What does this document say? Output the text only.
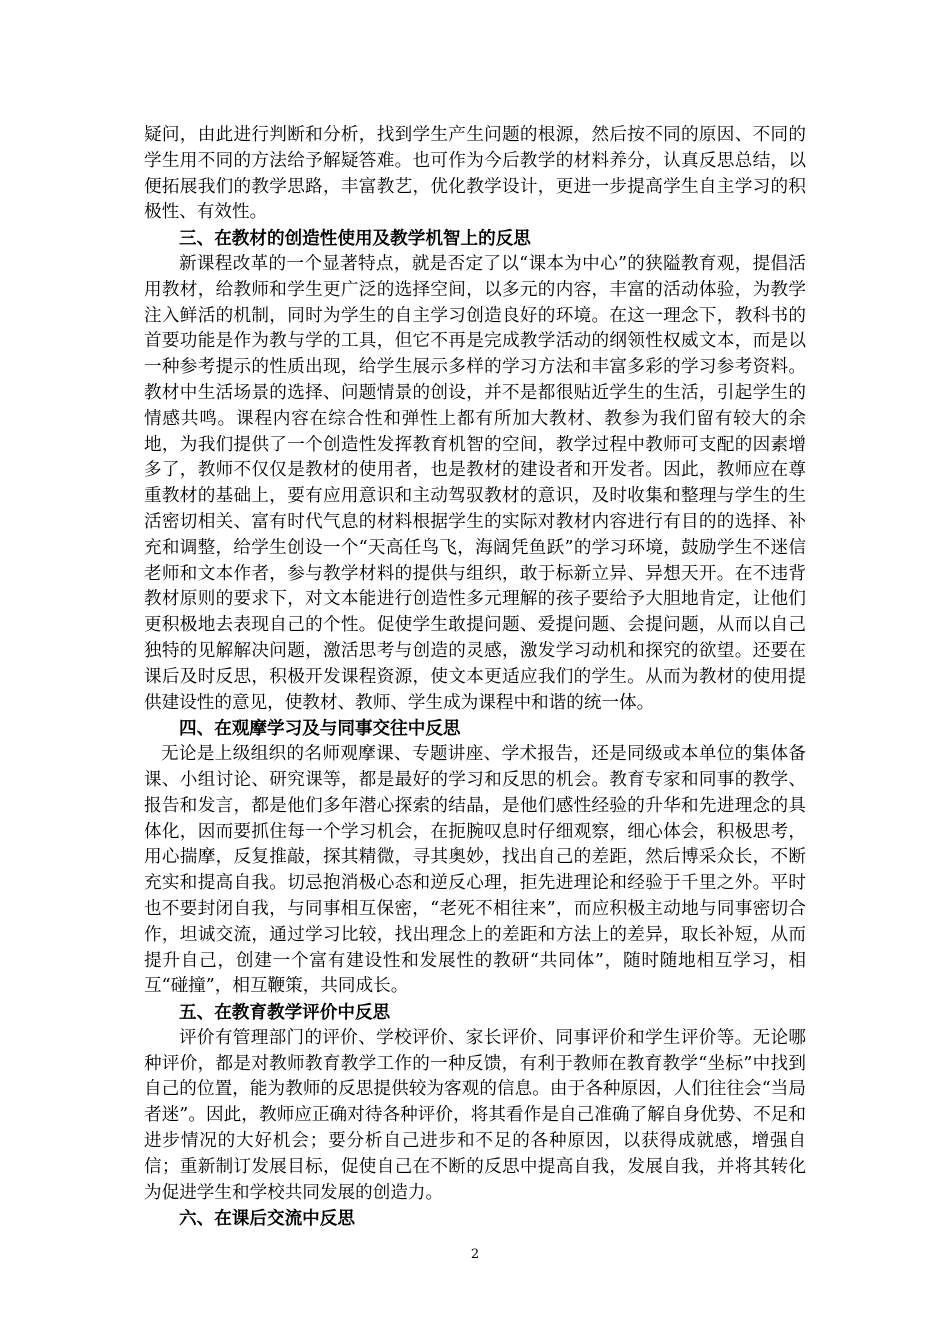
疑问，由此进行判断和分析，找到学生产生问题的根源，然后按不同的原因、不同的学生用不同的方法给予解疑答难。也可作为今后教学的材料养分，认真反思总结，以便拓展我们的教学思路，丰富教艺，优化教学设计，更进一步提高学生自主学习的积极性、有效性。

三、在教材的创造性使用及教学机智上的反思

新课程改革的一个显著特点，就是否定了以“课本为中心”的狭隘教育观，提倡活用教材，给教师和学生更广泛的选择空间，以多元的内容，丰富的活动体验，为教学注入鲜活的机制，同时为学生的自主学习创造良好的环境。在这一理念下，教科书的首要功能是作为教与学的工具，但它不再是完成教学活动的纲领性权威文本，而是以一种参考提示的性质出现，给学生展示多样的学习方法和丰富多彩的学习参考资料。教材中生活场景的选择、问题情景的创设，并不是都很贴近学生的生活，引起学生的情感共鸣。课程内容在综合性和弹性上都有所加大教材、教参为我们留有较大的余地，为我们提供了一个创造性发挥教育机智的空间，教学过程中教师可支配的因素增多了，教师不仅仅是教材的使用者，也是教材的建设者和开发者。因此，教师应在尊重教材的基础上，要有应用意识和主动驾驭教材的意识，及时收集和整理与学生的生活密切相关、富有时代气息的材料根据学生的实际对教材内容进行有目的的选择、补充和调整，给学生创设一个“天高任鸟飞，海阔凭鱼跃”的学习环境，鼓励学生不迷信老师和文本作者，参与教学材料的提供与组织，敢于标新立异、异想天开。在不违背教材原则的要求下，对文本能进行创造性多元理解的孩子要给予大胆地肯定，让他们更积极地去表现自己的个性。促使学生敢提问题、爱提问题、会提问题，从而以自己独特的见解解决问题，激活思考与创造的灵感，激发学习动机和探究的欲望。还要在课后及时反思，积极开发课程资源，使文本更适应我们的学生。从而为教材的使用提供建设性的意见，使教材、教师、学生成为课程中和谐的统一体。

四、在观摩学习及与同事交往中反思

无论是上级组织的名师观摩课、专题讲座、学术报告，还是同级或本单位的集体备课、小组讨论、研究课等，都是最好的学习和反思的机会。教育专家和同事的教学、报告和发言，都是他们多年潜心探索的结晶，是他们感性经验的升华和先进理念的具体化，因而要抓住每一个学习机会，在扼腕叹息时仔细观察，细心体会，积极思考，用心揣摩，反复推敲，探其精微，寻其奥妙，找出自己的差距，然后博采众长，不断充实和提高自我。切忌抱消极心态和逆反心理，拒先进理论和经验于千里之外。平时也不要封闭自我，与同事相互保密，“老死不相往来”，而应积极主动地与同事密切合作，坦诚交流，通过学习比较，找出理念上的差距和方法上的差异，取长补短，从而提升自己，创建一个富有建设性和发展性的教研“共同体”，随时随地相互学习，相互“碰撞”，相互鞭策，共同成长。

五、在教育教学评价中反思

评价有管理部门的评价、学校评价、家长评价、同事评价和学生评价等。无论哪种评价，都是对教师教育教学工作的一种反馈，有利于教师在教育教学“坐标”中找到自己的位置，能为教师的反思提供较为客观的信息。由于各种原因，人们往往会“当局者迷”。因此，教师应正确对待各种评价，将其看作是自己准确了解自身优势、不足和进步情况的大好机会；要分析自己进步和不足的各种原因，以获得成就感，增强自信；重新制订发展目标，促使自己在不断的反思中提高自我，发展自我，并将其转化为促进学生和学校共同发展的创造力。

六、在课后交流中反思

2
